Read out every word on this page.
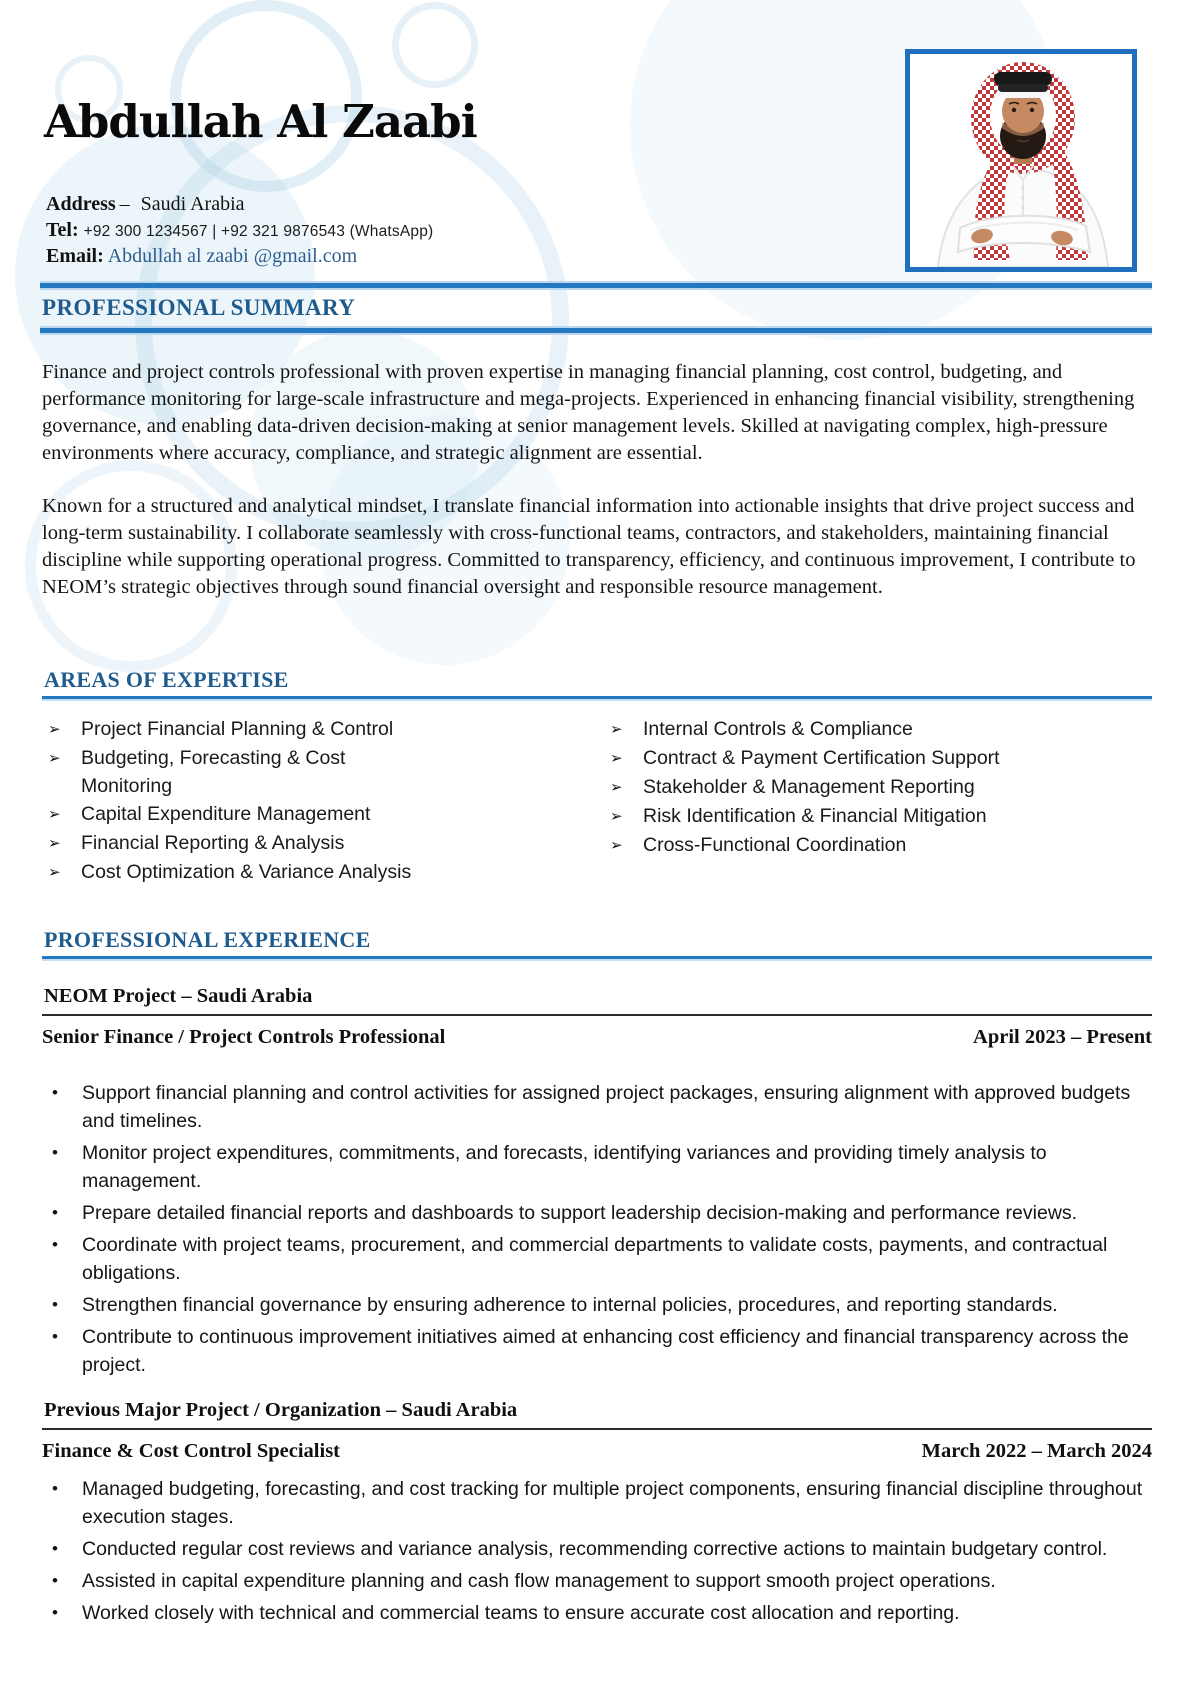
Abdullah Al Zaabi
Address – Saudi Arabia
Tel: +92 300 1234567 | +92 321 9876543 (WhatsApp)
Email: Abdullah al zaabi @gmail.com
PROFESSIONAL SUMMARY

Finance and project controls professional with proven expertise in managing financial planning, cost control, budgeting, and performance monitoring for large-scale infrastructure and mega-projects. Experienced in enhancing financial visibility, strengthening governance, and enabling data-driven decision-making at senior management levels. Skilled at navigating complex, high-pressure environments where accuracy, compliance, and strategic alignment are essential.

Known for a structured and analytical mindset, I translate financial information into actionable insights that drive project success and long-term sustainability. I collaborate seamlessly with cross-functional teams, contractors, and stakeholders, maintaining financial discipline while supporting operational progress. Committed to transparency, efficiency, and continuous improvement, I contribute to NEOM’s strategic objectives through sound financial oversight and responsible resource management.

AREAS OF EXPERTISE
➢	Project Financial Planning & Control
➢	Budgeting, Forecasting & Cost Monitoring
➢	Capital Expenditure Management
➢	Financial Reporting & Analysis
➢	Cost Optimization & Variance Analysis
➢	Internal Controls & Compliance
➢	Contract & Payment Certification Support
➢	Stakeholder & Management Reporting
➢	Risk Identification & Financial Mitigation
➢	Cross-Functional Coordination
PROFESSIONAL EXPERIENCE
NEOM Project – Saudi Arabia
Senior Finance / Project Controls Professional	April 2023 – Present
•	Support financial planning and control activities for assigned project packages, ensuring alignment with approved budgets and timelines.
•	Monitor project expenditures, commitments, and forecasts, identifying variances and providing timely analysis to management.
•	Prepare detailed financial reports and dashboards to support leadership decision-making and performance reviews.
•	Coordinate with project teams, procurement, and commercial departments to validate costs, payments, and contractual obligations.
•	Strengthen financial governance by ensuring adherence to internal policies, procedures, and reporting standards.
•	Contribute to continuous improvement initiatives aimed at enhancing cost efficiency and financial transparency across the project.
Previous Major Project / Organization – Saudi Arabia
Finance & Cost Control Specialist	March 2022 – March 2024
•	Managed budgeting, forecasting, and cost tracking for multiple project components, ensuring financial discipline throughout execution stages.
•	Conducted regular cost reviews and variance analysis, recommending corrective actions to maintain budgetary control.
•	Assisted in capital expenditure planning and cash flow management to support smooth project operations.
•	Worked closely with technical and commercial teams to ensure accurate cost allocation and reporting.
